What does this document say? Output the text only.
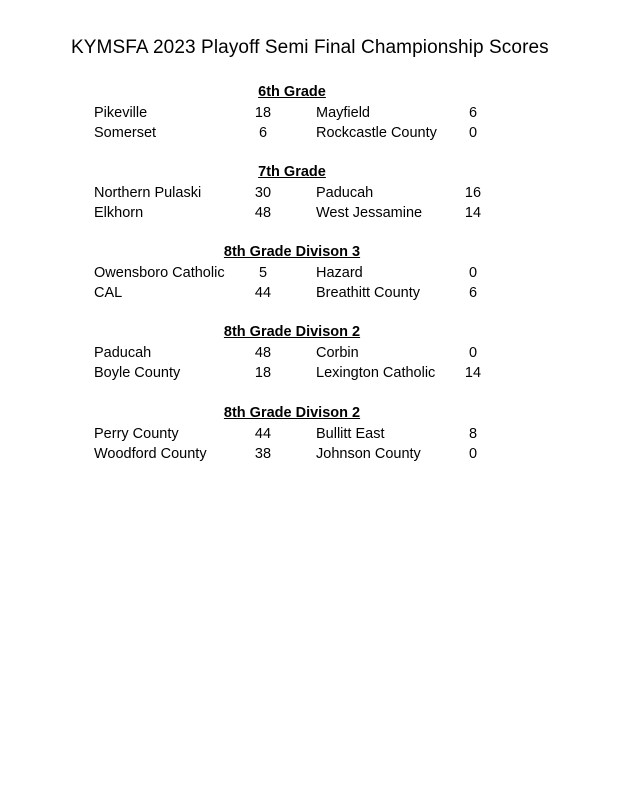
KYMSFA 2023 Playoff Semi Final Championship Scores
6th Grade
Pikeville	18	Mayfield	6
Somerset	6	Rockcastle County	0
7th Grade
Northern Pulaski	30	Paducah	16
Elkhorn	48	West Jessamine	14
8th Grade Divison 3
Owensboro Catholic	5	Hazard	0
CAL	44	Breathitt County	6
8th Grade Divison 2
Paducah	48	Corbin	0
Boyle County	18	Lexington Catholic	14
8th Grade Divison 2
Perry County	44	Bullitt East	8
Woodford County	38	Johnson County	0
